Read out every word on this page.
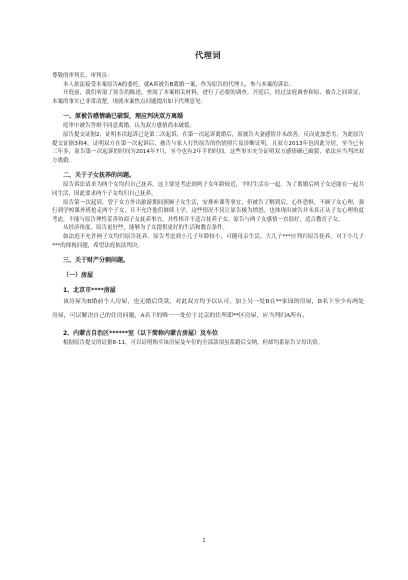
代理词

尊敬的审判长、审判员：

本人依法接受本案原告A的委托，就A诉被告B离婚一案，作为原告的代理人，参与本案的诉讼。

开庭前，我们听取了原告的陈述，查阅了本案相关材料，进行了必要的调查。开庭后，经过法庭调查和原、被告之间质证，本案的事实已非常清楚，现就本案焦点问题提出如下代理意见：

一、原被告感情确已破裂，理应判决双方离婚

庭审中被告答辩不同意离婚，认为双方感情尚未破裂。

原告提交证据2，证明本次起诉已是第二次起诉，在第一次起诉离婚后，原被告夫妻感情并未改善，反而更加恶劣，为此原告提交证据3和4，证明双方在第一次起诉后，被告与家人打伤原告的伤情照片及诊断证明。且双方2013年也因此分居，至今已有三年多，原告第一次起诉的时间为2014年7月，至今也有2年半的时间，这些事实充分证明双方感情确已破裂，依法应当判决双方离婚。

二、关于子女抚养的问题。

原告诉讼请求为两个女均归自己抚养，这主要是考虑到两子女年龄较近，平时生活在一起，为了离婚后两子女还能在一起共同生活，因此要求两个子女均归自己抚养。

原告第一次起诉，曾于女方外出旅游期间照顾子女生活，安排补课等事宜，但被告了解到后，心怀恐惧，不顾子女心理，强行到学校课外班抢走两个子女，且不允许他们继续上学，这些情况不仅让原告极为愤怒，也体现出被告并未真正从子女心理角度考虑，不能与原告理性妥善协商子女抚养事宜，其性格并不适合抚养子女。原告与两子女感情一直很好，适合教育子女。

从经济角度，原告更好些，能够为子女提供更好的生活和教育条件。

如法庭不允许两子女均归原告抚养，原告考虑到小儿子年龄较小，可随母亲生活，大儿子***应判归原告抚养。对于小儿子***的探视问题，希望法庭依法判决。

三、关于财产分割问题。
（一）房屋
1、北京市****房屋

该房屋为B婚前个人房屋，也无婚后贷款，对此双方均予以认可。加上另一处B在**家园的房屋，B名下至少有两处房屋，可以解决自己的住房问题，A名下的唯一一处位于北京的住所即**区房屋，应当判归A所有。

2、内蒙古自治区******室（以下简称内蒙古房屋）及车位

根据原告提交的证据8-11，可以证明购买该房屋及车位的全部款项虽系婚后交纳，但却均系原告父母出资。

1
